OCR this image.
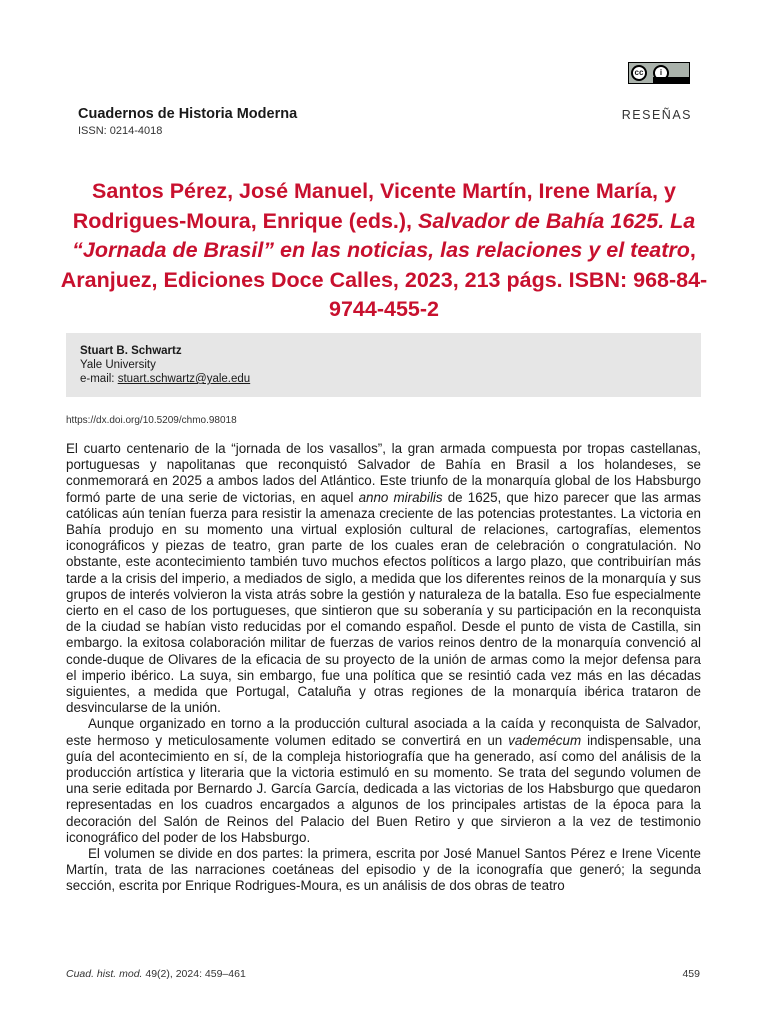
cc	i
Cuadernos de Historia Moderna
ISSN: 0214-4018
RESEÑAS
Santos Pérez, José Manuel, Vicente Martín, Irene María, y Rodrigues-Moura, Enrique (eds.), Salvador de Bahía 1625. La “Jornada de Brasil” en las noticias, las relaciones y el teatro, Aranjuez, Ediciones Doce Calles, 2023, 213 págs. ISBN: 968-84-9744-455-2
Stuart B. Schwartz
Yale University
e-mail: stuart.schwartz@yale.edu
https://dx.doi.org/10.5209/chmo.98018

El cuarto centenario de la “jornada de los vasallos”, la gran armada compuesta por tropas castellanas, portuguesas y napolitanas que reconquistó Salvador de Bahía en Brasil a los holandeses, se conmemorará en 2025 a ambos lados del Atlántico. Este triunfo de la monarquía global de los Habsburgo formó parte de una serie de victorias, en aquel anno mirabilis de 1625, que hizo parecer que las armas católicas aún tenían fuerza para resistir la amenaza creciente de las potencias protestantes. La victoria en Bahía produjo en su momento una virtual explosión cultural de relaciones, cartografías, elementos iconográficos y piezas de teatro, gran parte de los cuales eran de celebración o congratulación. No obstante, este acontecimiento también tuvo muchos efectos políticos a largo plazo, que contribuirían más tarde a la crisis del imperio, a mediados de siglo, a medida que los diferentes reinos de la monarquía y sus grupos de interés volvieron la vista atrás sobre la gestión y naturaleza de la batalla. Eso fue especialmente cierto en el caso de los portugueses, que sintieron que su soberanía y su participación en la reconquista de la ciudad se habían visto reducidas por el comando español. Desde el punto de vista de Castilla, sin embargo. la exitosa colaboración militar de fuerzas de varios reinos dentro de la monarquía convenció al conde-duque de Olivares de la eficacia de su proyecto de la unión de armas como la mejor defensa para el imperio ibérico. La suya, sin embargo, fue una política que se resintió cada vez más en las décadas siguientes, a medida que Portugal, Cataluña y otras regiones de la monarquía ibérica trataron de desvincularse de la unión.

Aunque organizado en torno a la producción cultural asociada a la caída y reconquista de Salvador, este hermoso y meticulosamente volumen editado se convertirá en un vademécum indispensable, una guía del acontecimiento en sí, de la compleja historiografía que ha generado, así como del análisis de la producción artística y literaria que la victoria estimuló en su momento. Se trata del segundo volumen de una serie editada por Bernardo J. García García, dedicada a las victorias de los Habsburgo que quedaron representadas en los cuadros encargados a algunos de los principales artistas de la época para la decoración del Salón de Reinos del Palacio del Buen Retiro y que sirvieron a la vez de testimonio iconográfico del poder de los Habsburgo.

El volumen se divide en dos partes: la primera, escrita por José Manuel Santos Pérez e Irene Vicente Martín, trata de las narraciones coetáneas del episodio y de la iconografía que generó; la segunda sección, escrita por Enrique Rodrigues-Moura, es un análisis de dos obras de teatro

Cuad. hist. mod. 49(2), 2024: 459–461	459
